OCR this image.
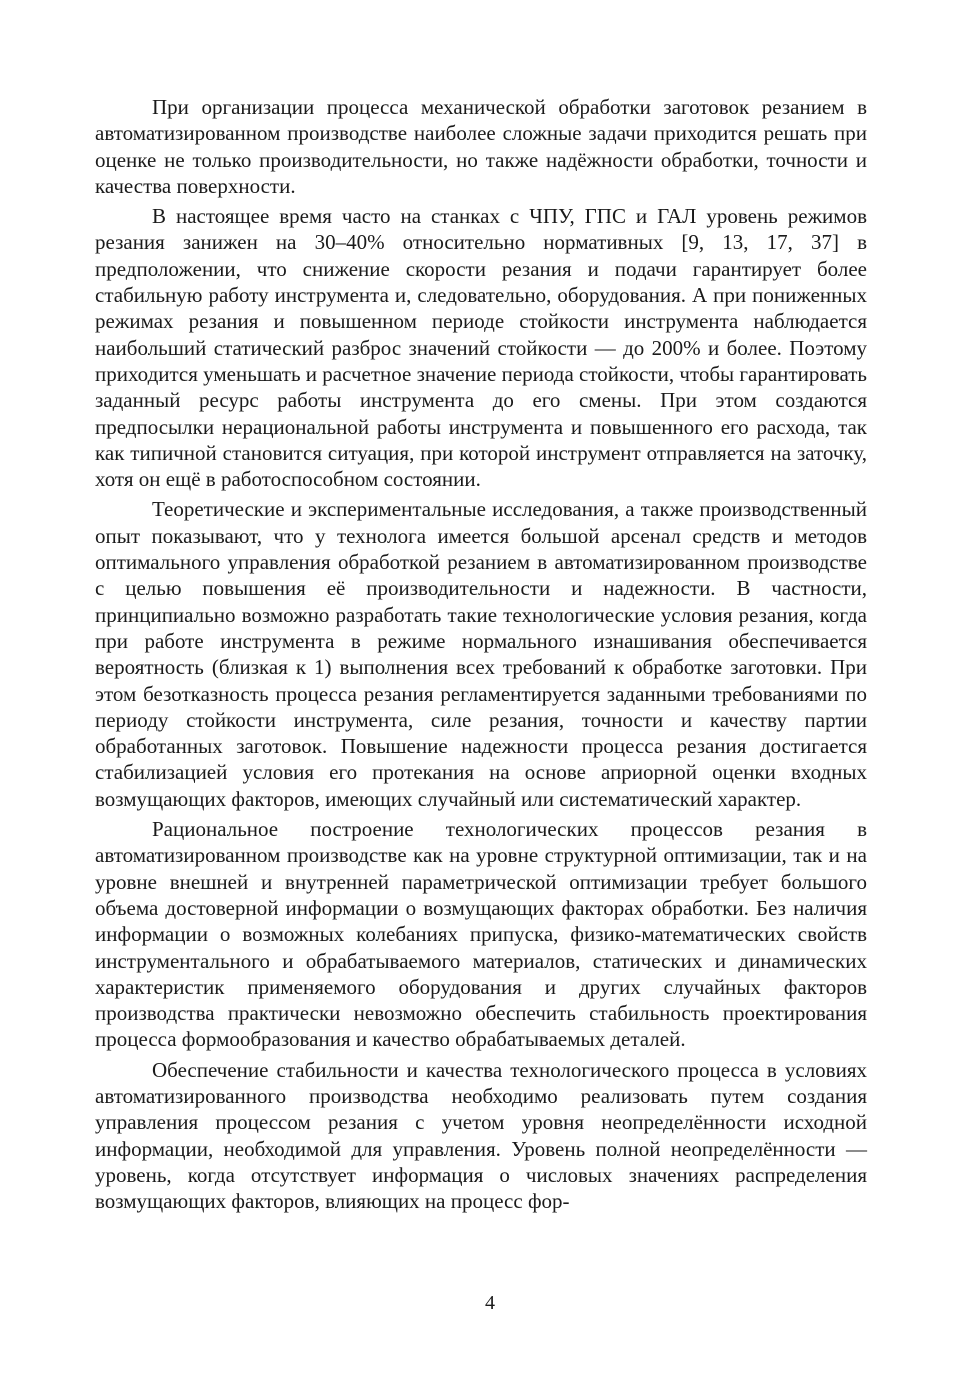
При организации процесса механической обработки заготовок резанием в автоматизированном производстве наиболее сложные задачи приходится решать при оценке не только производительности, но также надёжности обработки, точности и качества поверхности.

В настоящее время часто на станках с ЧПУ, ГПС и ГАЛ уровень режимов резания занижен на 30–40% относительно нормативных [9, 13, 17, 37] в предположении, что снижение скорости резания и подачи гарантирует более стабильную работу инструмента и, следовательно, оборудования. А при пониженных режимах резания и повышенном периоде стойкости инструмента наблюдается наибольший статический разброс значений стойкости — до 200% и более. Поэтому приходится уменьшать и расчетное значение периода стойкости, чтобы гарантировать заданный ресурс работы инструмента до его смены. При этом создаются предпосылки нерациональной работы инструмента и повышенного его расхода, так как типичной становится ситуация, при которой инструмент отправляется на заточку, хотя он ещё в работоспособном состоянии.

Теоретические и экспериментальные исследования, а также производственный опыт показывают, что у технолога имеется большой арсенал средств и методов оптимального управления обработкой резанием в автоматизированном производстве с целью повышения её производительности и надежности. В частности, принципиально возможно разработать такие технологические условия резания, когда при работе инструмента в режиме нормального изнашивания обеспечивается вероятность (близкая к 1) выполнения всех требований к обработке заготовки. При этом безотказность процесса резания регламентируется заданными требованиями по периоду стойкости инструмента, силе резания, точности и качеству партии обработанных заготовок. Повышение надежности процесса резания достигается стабилизацией условия его протекания на основе априорной оценки входных возмущающих факторов, имеющих случайный или систематический характер.

Рациональное построение технологических процессов резания в автоматизированном производстве как на уровне структурной оптимизации, так и на уровне внешней и внутренней параметрической оптимизации требует большого объема достоверной информации о возмущающих факторах обработки. Без наличия информации о возможных колебаниях припуска, физико-математических свойств инструментального и обрабатываемого материалов, статических и динамических характеристик применяемого оборудования и других случайных факторов производства практически невозможно обеспечить стабильность проектирования процесса формообразования и качество обрабатываемых деталей.

Обеспечение стабильности и качества технологического процесса в условиях автоматизированного производства необходимо реализовать путем создания управления процессом резания с учетом уровня неопределённости исходной информации, необходимой для управления. Уровень полной неопределённости — уровень, когда отсутствует информация о числовых значениях распределения возмущающих факторов, влияющих на процесс фор-

4
